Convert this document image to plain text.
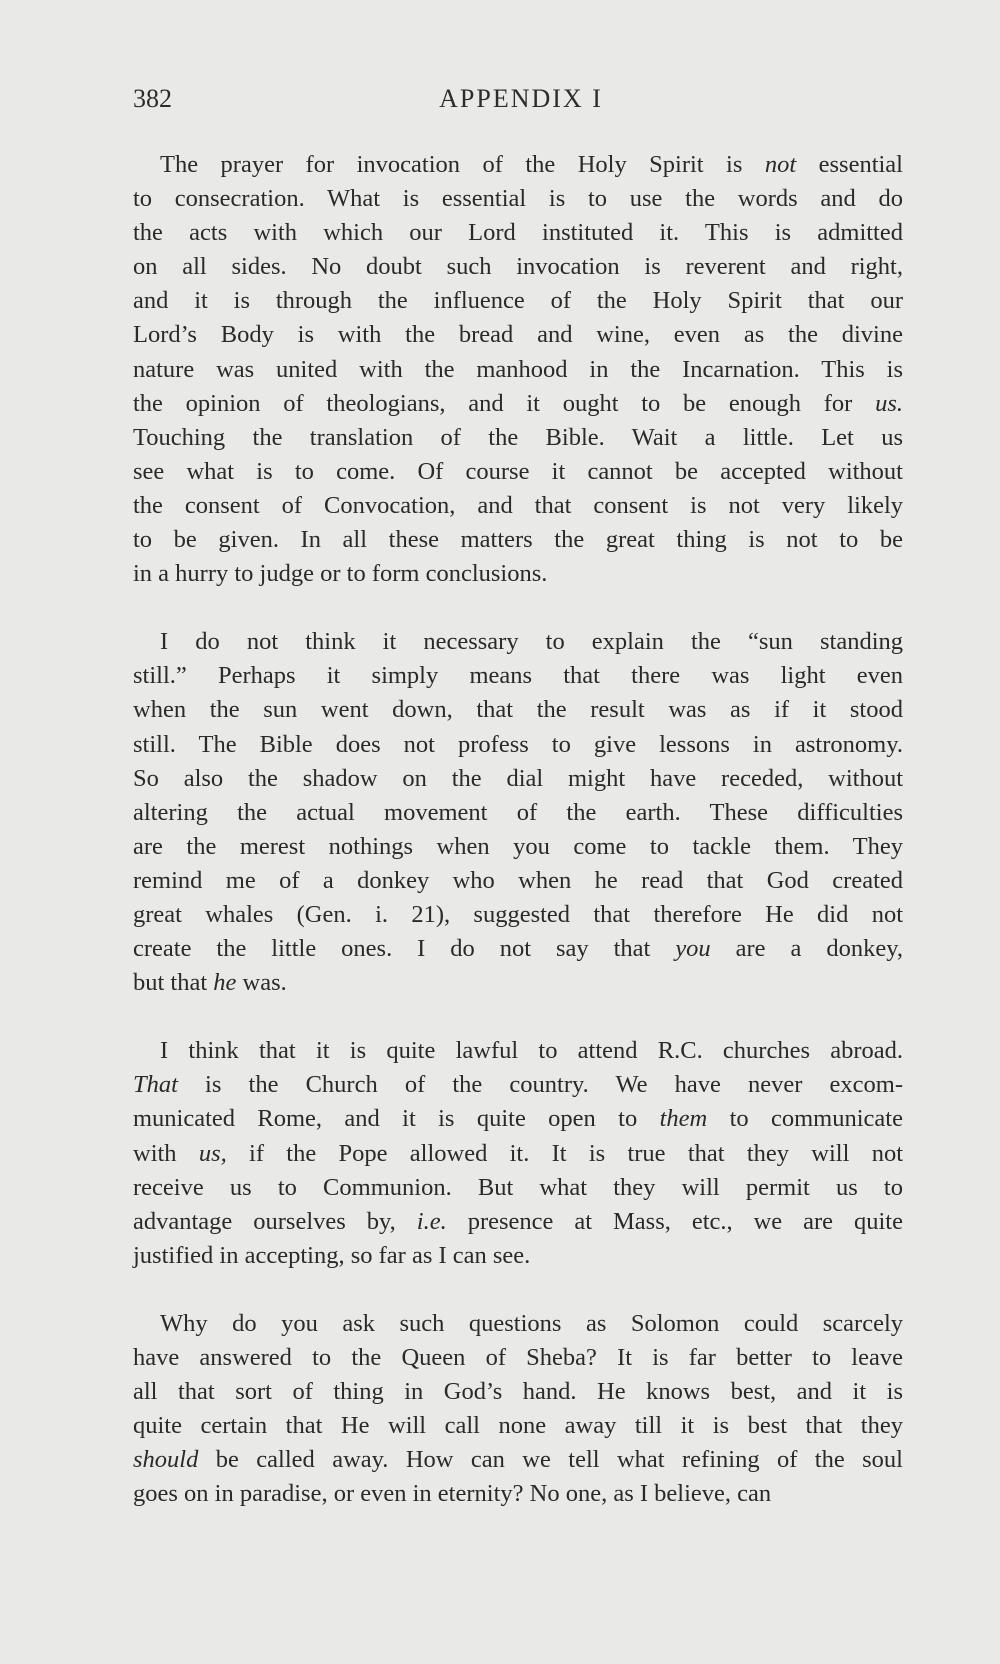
382	APPENDIX I
The prayer for invocation of the Holy Spirit is not essential
to consecration. What is essential is to use the words and do
the acts with which our Lord instituted it. This is admitted
on all sides. No doubt such invocation is reverent and right,
and it is through the influence of the Holy Spirit that our
Lord’s Body is with the bread and wine, even as the divine
nature was united with the manhood in the Incarnation. This is
the opinion of theologians, and it ought to be enough for us.
Touching the translation of the Bible. Wait a little. Let us
see what is to come. Of course it cannot be accepted without
the consent of Convocation, and that consent is not very likely
to be given. In all these matters the great thing is not to be
in a hurry to judge or to form conclusions.
I do not think it necessary to explain the “sun standing
still.” Perhaps it simply means that there was light even
when the sun went down, that the result was as if it stood
still. The Bible does not profess to give lessons in astronomy.
So also the shadow on the dial might have receded, without
altering the actual movement of the earth. These difficulties
are the merest nothings when you come to tackle them. They
remind me of a donkey who when he read that God created
great whales (Gen. i. 21), suggested that therefore He did not
create the little ones. I do not say that you are a donkey,
but that he was.
I think that it is quite lawful to attend R.C. churches abroad.
That is the Church of the country. We have never excom-
municated Rome, and it is quite open to them to communicate
with us, if the Pope allowed it. It is true that they will not
receive us to Communion. But what they will permit us to
advantage ourselves by, i.e. presence at Mass, etc., we are quite
justified in accepting, so far as I can see.
Why do you ask such questions as Solomon could scarcely
have answered to the Queen of Sheba? It is far better to leave
all that sort of thing in God’s hand. He knows best, and it is
quite certain that He will call none away till it is best that they
should be called away. How can we tell what refining of the soul
goes on in paradise, or even in eternity? No one, as I believe, can
